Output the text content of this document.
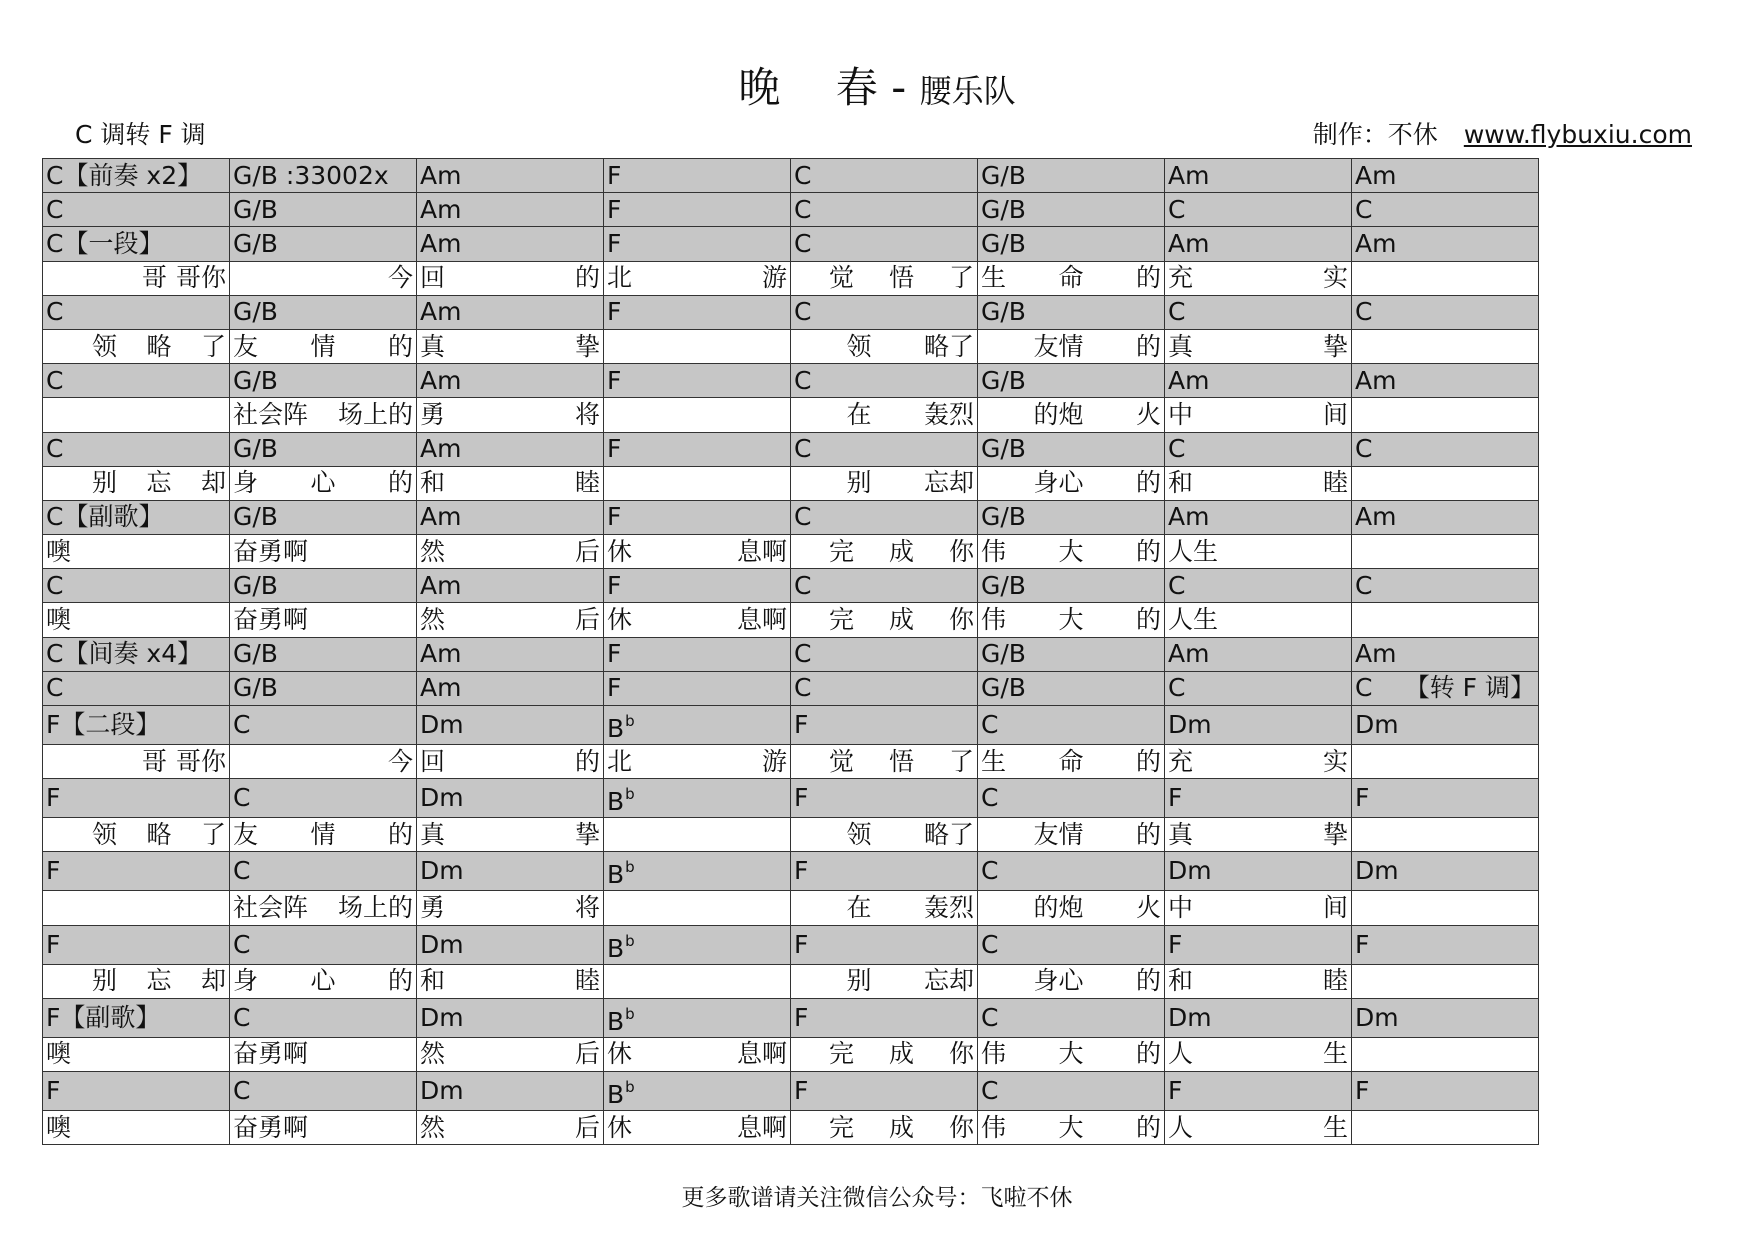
晚　 春 - 腰乐队
C 调转 F 调	制作：不休 www.flybuxiu.com
C【前奏 x2】	G/B :33002x	Am	F	C	G/B	Am	Am
C	G/B	Am	F	C	G/B	C	C
C【一段】	G/B	Am	F	C	G/B	Am	Am

哥 哥你	今	回 的	北 游	觉 悟 了	生 命 的	充 实	

C	G/B	Am	F	C	G/B	C	C

领 略 了	友 情 的	真 挚		领 略了	友情 的	真 挚	

C	G/B	Am	F	C	G/B	Am	Am

	社会阵 场上的	勇 将		在 轰烈	的炮 火	中 间	

C	G/B	Am	F	C	G/B	C	C

别 忘 却	身 心 的	和 睦		别 忘却	身心 的	和 睦	

C【副歌】	G/B	Am	F	C	G/B	Am	Am

噢	奋勇啊	然 后	休 息啊	完 成 你	伟 大 的	人生	

C	G/B	Am	F	C	G/B	C	C

噢	奋勇啊	然 后	休 息啊	完 成 你	伟 大 的	人生	

C【间奏 x4】	G/B	Am	F	C	G/B	Am	Am
C	G/B	Am	F	C	G/B	C	C 【转 F 调】

F【二段】	C	Dm	$B^b$	F	C	Dm	Dm

哥 哥你	今	回 的	北 游	觉 悟 了	生 命 的	充 实	

F	C	Dm	$B^b$	F	C	F	F

领 略 了	友 情 的	真 挚		领 略了	友情 的	真 挚	

F	C	Dm	$B^b$	F	C	Dm	Dm

	社会阵 场上的	勇 将		在 轰烈	的炮 火	中 间	

F	C	Dm	$B^b$	F	C	F	F

别 忘 却	身 心 的	和 睦		别 忘却	身心 的	和 睦	

F【副歌】	C	Dm	$B^b$	F	C	Dm	Dm

噢	奋勇啊	然 后	休 息啊	完 成 你	伟 大 的	人 生	

F	C	Dm	$B^b$	F	C	F	F

噢	奋勇啊	然 后	休 息啊	完 成 你	伟 大 的	人 生	

更多歌谱请关注微信公众号：飞啦不休
